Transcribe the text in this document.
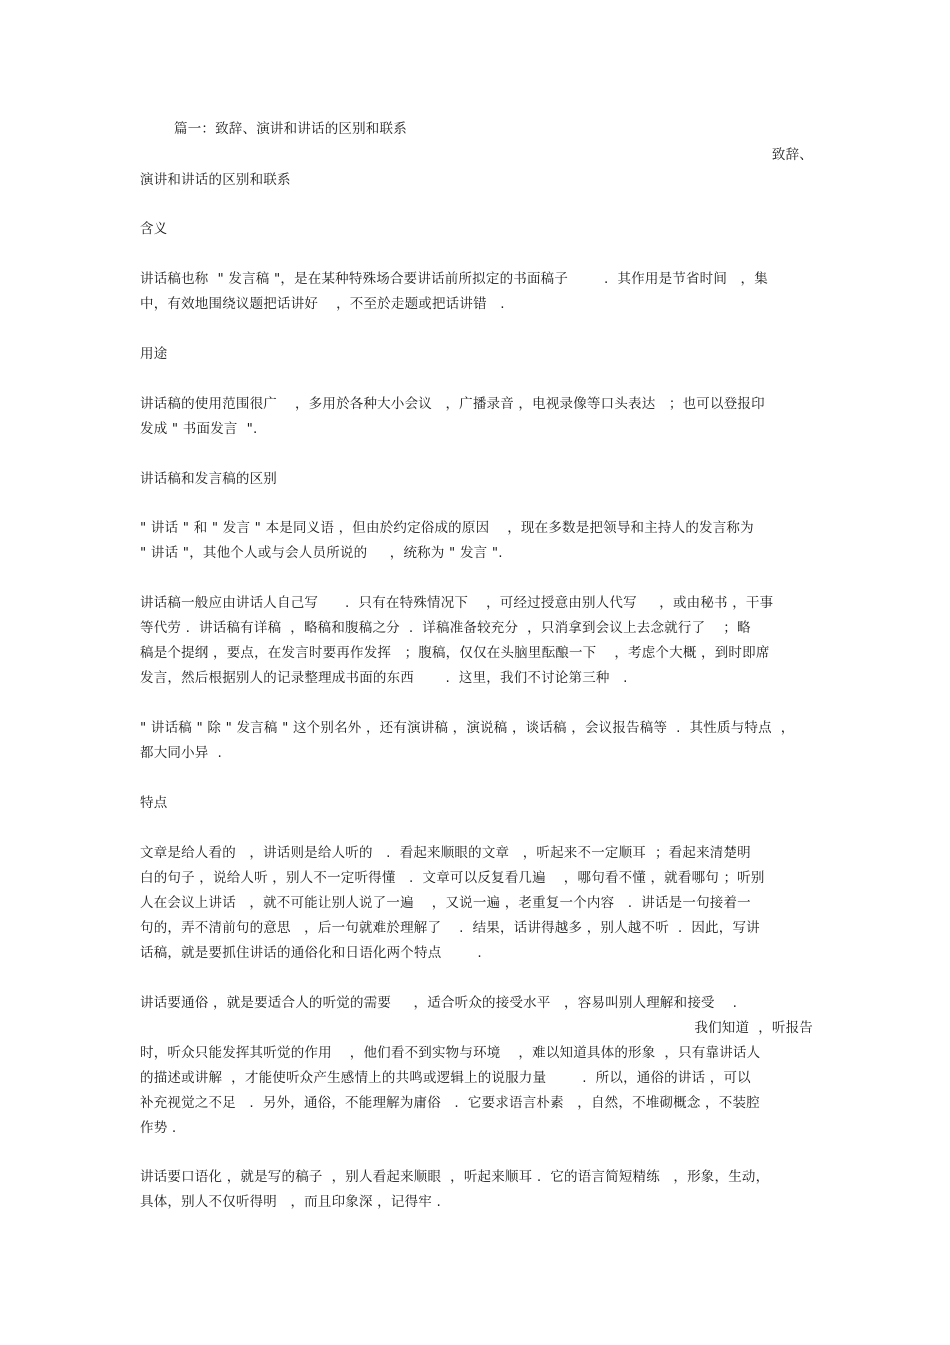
篇一：致辞、演讲和讲话的区别和联系
致辞、
演讲和讲话的区别和联系
含义
讲话稿也称  " 发言稿 "，是在某种特殊场合要讲话前所拟定的书面稿子        .  其作用是节省时间   ，集
中，有效地围绕议题把话讲好    ，不至於走题或把话讲错   .
用途
讲话稿的使用范围很广    ，多用於各种大小会议   ，广播录音 ，电视录像等口头表达   ；也可以登报印
发成 " 书面发言  ".
讲话稿和发言稿的区别
" 讲话 " 和 " 发言 " 本是同义语 ，但由於约定俗成的原因    ，现在多数是把领导和主持人的发言称为
" 讲话 "，其他个人或与会人员所说的     ，统称为 " 发言 ".
讲话稿一般应由讲话人自己写      .  只有在特殊情况下    ，可经过授意由别人代写     ，或由秘书 ，干事
等代劳 .  讲话稿有详稿  ，略稿和腹稿之分  .  详稿准备较充分  ，只消拿到会议上去念就行了    ；略
稿是个提纲 ，要点，在发言时要再作发挥   ；腹稿，仅仅在头脑里酝酿一下    ，考虑个大概 ，到时即席
发言，然后根据别人的记录整理成书面的东西       .  这里，我们不讨论第三种   .
" 讲话稿 " 除 " 发言稿 " 这个别名外 ，还有演讲稿 ，演说稿 ，谈话稿 ，会议报告稿等  .  其性质与特点  ，
都大同小异  .
特点
文章是给人看的   ，讲话则是给人听的   .  看起来顺眼的文章   ，听起来不一定顺耳  ；看起来清楚明
白的句子 ，说给人听 ，别人不一定听得懂   .  文章可以反复看几遍    ，哪句看不懂 ，就看哪句 ；听别
人在会议上讲话   ，就不可能让别人说了一遍    ，又说一遍 ，老重复一个内容   .  讲话是一句接着一
句的，弄不清前句的意思   ，后一句就难於理解了    .  结果，话讲得越多 ，别人越不听  .  因此，写讲
话稿，就是要抓住讲话的通俗化和日语化两个特点        .
讲话要通俗 ，就是要适合人的听觉的需要     ，适合听众的接受水平   ，容易叫别人理解和接受    .
我们知道  ，听报告
时，听众只能发挥其听觉的作用    ，他们看不到实物与环境    ，难以知道具体的形象  ，只有靠讲话人
的描述或讲解  ，才能使听众产生感情上的共鸣或逻辑上的说服力量        .  所以，通俗的讲话 ，可以
补充视觉之不足   .  另外，通俗，不能理解为庸俗   .  它要求语言朴素   ，自然，不堆砌概念 ，不装腔
作势 .
讲话要口语化 ，就是写的稿子  ，别人看起来顺眼  ，听起来顺耳 .  它的语言简短精练   ，形象，生动，
具体，别人不仅听得明   ，而且印象深 ，记得牢 .
